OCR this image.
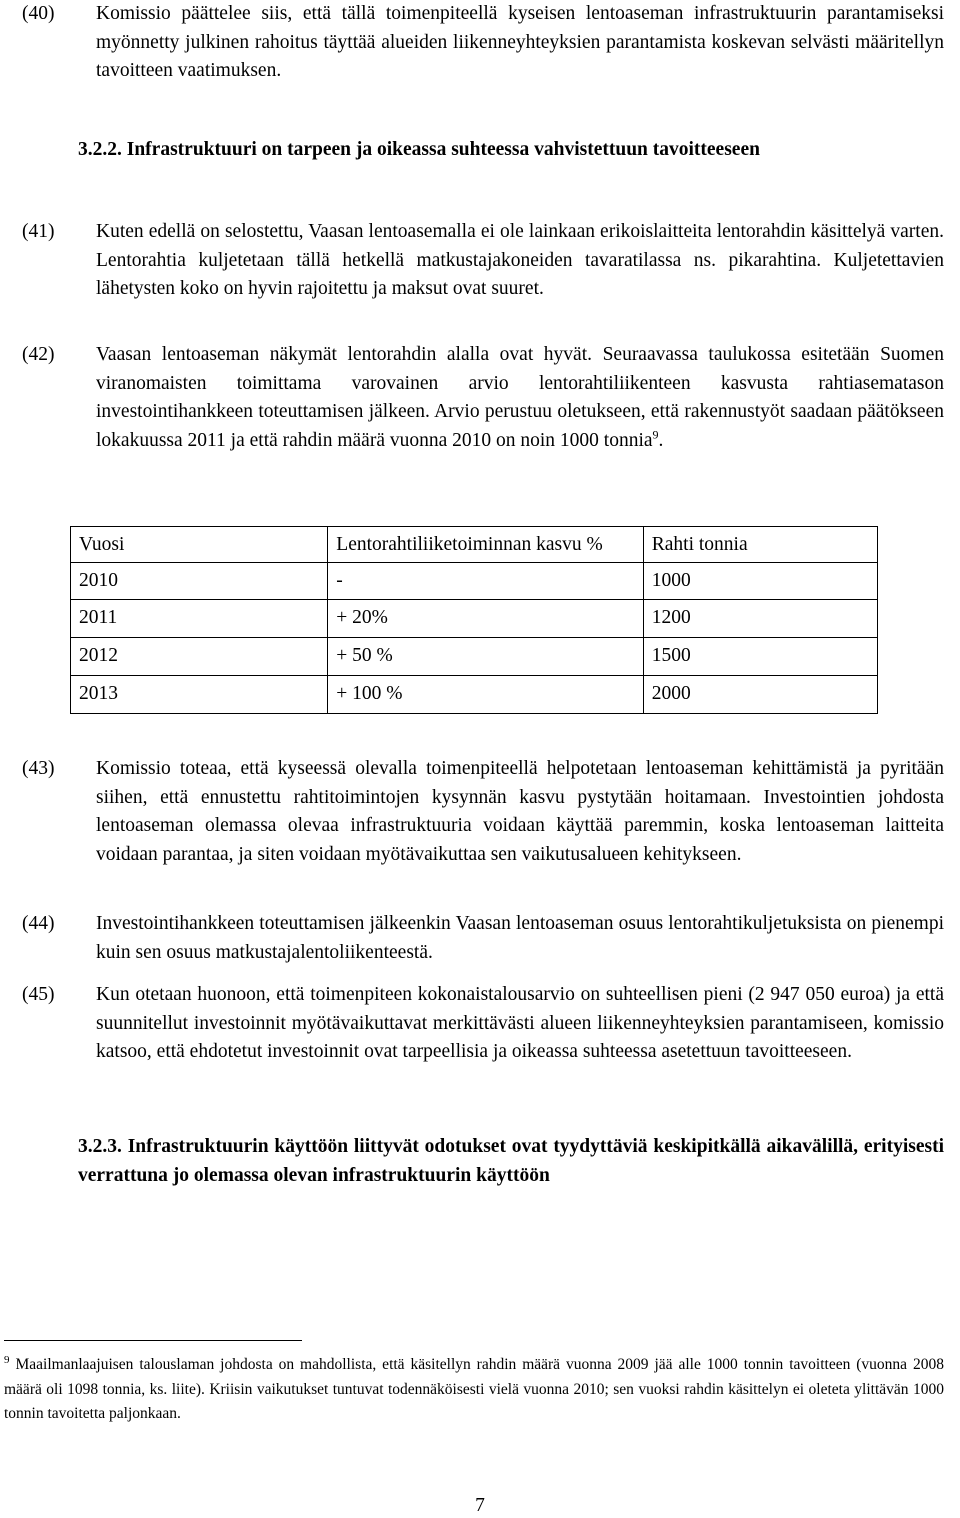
(40) Komissio päättelee siis, että tällä toimenpiteellä kyseisen lentoaseman infrastruktuurin parantamiseksi myönnetty julkinen rahoitus täyttää alueiden liikenneyhteyksien parantamista koskevan selvästi määritellyn tavoitteen vaatimuksen.
3.2.2. Infrastruktuuri on tarpeen ja oikeassa suhteessa vahvistettuun tavoitteeseen
(41) Kuten edellä on selostettu, Vaasan lentoasemalla ei ole lainkaan erikoislaitteita lentorahdin käsittelyä varten. Lentorahtia kuljetetaan tällä hetkellä matkustajakoneiden tavaratilassa ns. pikarahtina. Kuljetettavien lähetysten koko on hyvin rajoitettu ja maksut ovat suuret.
(42) Vaasan lentoaseman näkymät lentorahdin alalla ovat hyvät. Seuraavassa taulukossa esitetään Suomen viranomaisten toimittama varovainen arvio lentorahtiliikenteen kasvusta rahtiasematason investointihankkeen toteuttamisen jälkeen. Arvio perustuu oletukseen, että rakennustyöt saadaan päätökseen lokakuussa 2011 ja että rahdin määrä vuonna 2010 on noin 1000 tonnia$^9$.
Vuosi	Lentorahtiliiketoiminnan kasvu %	Rahti tonnia
2010	-	1000
2011	+ 20%	1200
2012	+ 50 %	1500
2013	+ 100 %	2000
(43) Komissio toteaa, että kyseessä olevalla toimenpiteellä helpotetaan lentoaseman kehittämistä ja pyritään siihen, että ennustettu rahtitoimintojen kysynnän kasvu pystytään hoitamaan. Investointien johdosta lentoaseman olemassa olevaa infrastruktuuria voidaan käyttää paremmin, koska lentoaseman laitteita voidaan parantaa, ja siten voidaan myötävaikuttaa sen vaikutusalueen kehitykseen.
(44) Investointihankkeen toteuttamisen jälkeenkin Vaasan lentoaseman osuus lentorahtikuljetuksista on pienempi kuin sen osuus matkustajalentoliikenteestä.
(45) Kun otetaan huonoon, että toimenpiteen kokonaistalousarvio on suhteellisen pieni (2 947 050 euroa) ja että suunnitellut investoinnit myötävaikuttavat merkittävästi alueen liikenneyhteyksien parantamiseen, komissio katsoo, että ehdotetut investoinnit ovat tarpeellisia ja oikeassa suhteessa asetettuun tavoitteeseen.
3.2.3. Infrastruktuurin käyttöön liittyvät odotukset ovat tyydyttäviä keskipitkällä aikavälillä, erityisesti verrattuna jo olemassa olevan infrastruktuurin käyttöön
$^9$ Maailmanlaajuisen talouslaman johdosta on mahdollista, että käsitellyn rahdin määrä vuonna 2009 jää alle 1000 tonnin tavoitteen (vuonna 2008 määrä oli 1098 tonnia, ks. liite). Kriisin vaikutukset tuntuvat todennäköisesti vielä vuonna 2010; sen vuoksi rahdin käsittelyn ei oleteta ylittävän 1000 tonnin tavoitetta paljonkaan.
7
